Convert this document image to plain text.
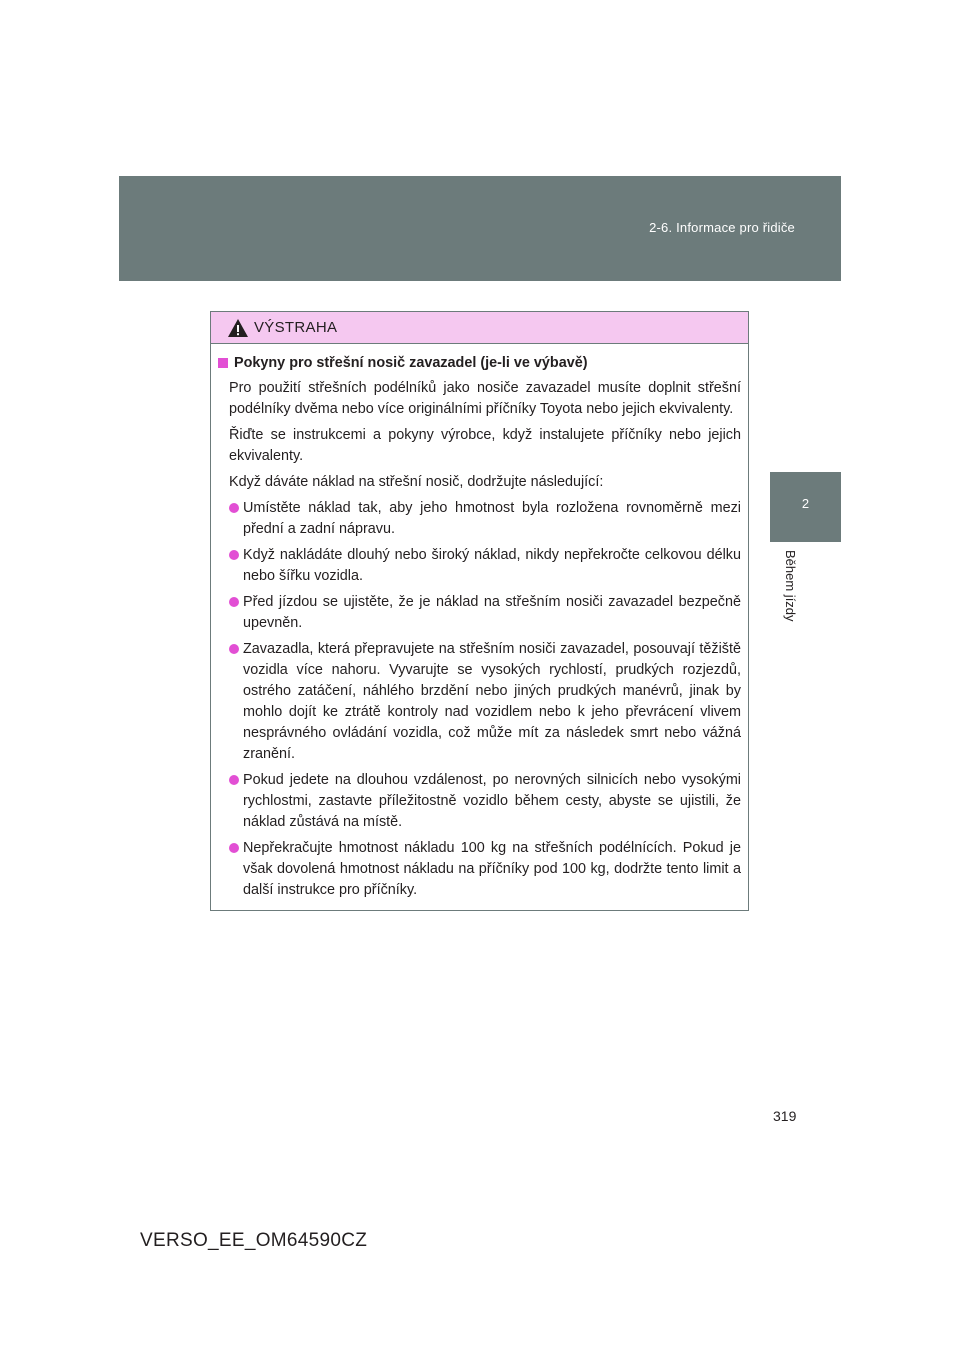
2-6. Informace pro řidiče
2
Během jízdy
VÝSTRAHA
Pokyny pro střešní nosič zavazadel (je-li ve výbavě)
Pro použití střešních podélníků jako nosiče zavazadel musíte doplnit střešní podélníky dvěma nebo více originálními příčníky Toyota nebo jejich ekvivalenty.
Řiďte se instrukcemi a pokyny výrobce, když instalujete příčníky nebo jejich ekvivalenty.
Když dáváte náklad na střešní nosič, dodržujte následující:
Umístěte náklad tak, aby jeho hmotnost byla rozložena rovnoměrně mezi přední a zadní nápravu.
Když nakládáte dlouhý nebo široký náklad, nikdy nepřekročte celkovou délku nebo šířku vozidla.
Před jízdou se ujistěte, že je náklad na střešním nosiči zavazadel bezpečně upevněn.
Zavazadla, která přepravujete na střešním nosiči zavazadel, posouvají těžiště vozidla více nahoru. Vyvarujte se vysokých rychlostí, prudkých rozjezdů, ostrého zatáčení, náhlého brzdění nebo jiných prudkých manévrů, jinak by mohlo dojít ke ztrátě kontroly nad vozidlem nebo k jeho převrácení vlivem nesprávného ovládání vozidla, což může mít za následek smrt nebo vážná zranění.
Pokud jedete na dlouhou vzdálenost, po nerovných silnicích nebo vysokými rychlostmi, zastavte příležitostně vozidlo během cesty, abyste se ujistili, že náklad zůstává na místě.
Nepřekračujte hmotnost nákladu 100 kg na střešních podélnících. Pokud je však dovolená hmotnost nákladu na příčníky pod 100 kg, dodržte tento limit a další instrukce pro příčníky.
319
VERSO_EE_OM64590CZ
